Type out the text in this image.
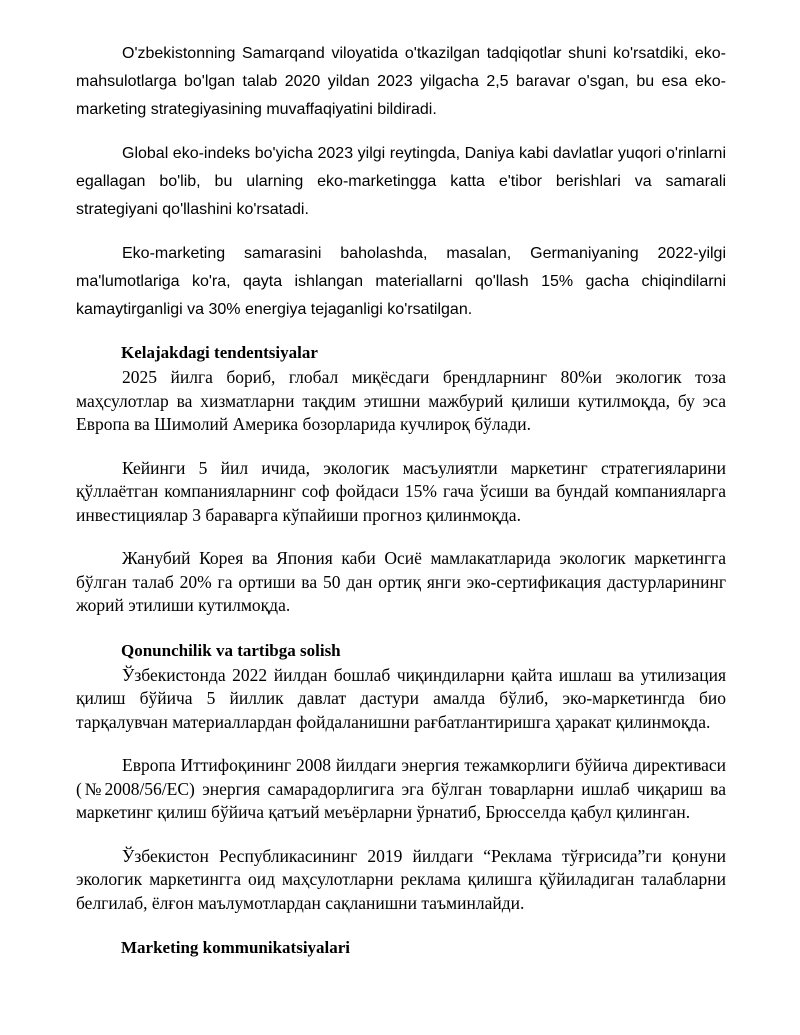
O'zbekistonning Samarqand viloyatida o'tkazilgan tadqiqotlar shuni ko'rsatdiki, eko-mahsulotlarga bo'lgan talab 2020 yildan 2023 yilgacha 2,5 baravar o'sgan, bu esa eko-marketing strategiyasining muvaffaqiyatini bildiradi.

Global eko-indeks bo'yicha 2023 yilgi reytingda, Daniya kabi davlatlar yuqori o'rinlarni egallagan bo'lib, bu ularning eko-marketingga katta e'tibor berishlari va samarali strategiyani qo'llashini ko'rsatadi.

Eko-marketing samarasini baholashda, masalan, Germaniyaning 2022-yilgi ma'lumotlariga ko'ra, qayta ishlangan materiallarni qo'llash 15% gacha chiqindilarni kamaytirganligi va 30% energiya tejaganligi ko'rsatilgan.

Kelajakdagi tendentsiyalar

2025 йилга бориб, глобал миқёсдаги брендларнинг 80%и экологик тоза маҳсулотлар ва хизматларни тақдим этишни мажбурий қилиши кутилмоқда, бу эса Европа ва Шимолий Америка бозорларида кучлироқ бўлади.

Кейинги 5 йил ичида, экологик масъулиятли маркетинг стратегияларини қўллаётган компанияларнинг соф фойдаси 15% гача ўсиши ва бундай компанияларга инвестициялар 3 бараварга кўпайиши прогноз қилинмоқда.

Жанубий Корея ва Япония каби Осиё мамлакатларида экологик маркетингга бўлган талаб 20% га ортиши ва 50 дан ортиқ янги эко-сертификация дастурларининг жорий этилиши кутилмоқда.

Qonunchilik va tartibga solish

Ўзбекистонда 2022 йилдан бошлаб чиқиндиларни қайта ишлаш ва утилизация қилиш бўйича 5 йиллик давлат дастури амалда бўлиб, эко-маркетингда био тарқалувчан материаллардан фойдаланишни рағбатлантиришга ҳаракат қилинмоқда.

Европа Иттифоқининг 2008 йилдаги энергия тежамкорлиги бўйича директиваси (№2008/56/ЕС) энергия самарадорлигига эга бўлган товарларни ишлаб чиқариш ва маркетинг қилиш бўйича қатъий меъёрларни ўрнатиб, Брюсселда қабул қилинган.

Ўзбекистон Республикасининг 2019 йилдаги “Реклама тўғрисида”ги қонуни экологик маркетингга оид маҳсулотларни реклама қилишга қўйиладиган талабларни белгилаб, ёлғон маълумотлардан сақланишни таъминлайди.

Marketing kommunikatsiyalari
